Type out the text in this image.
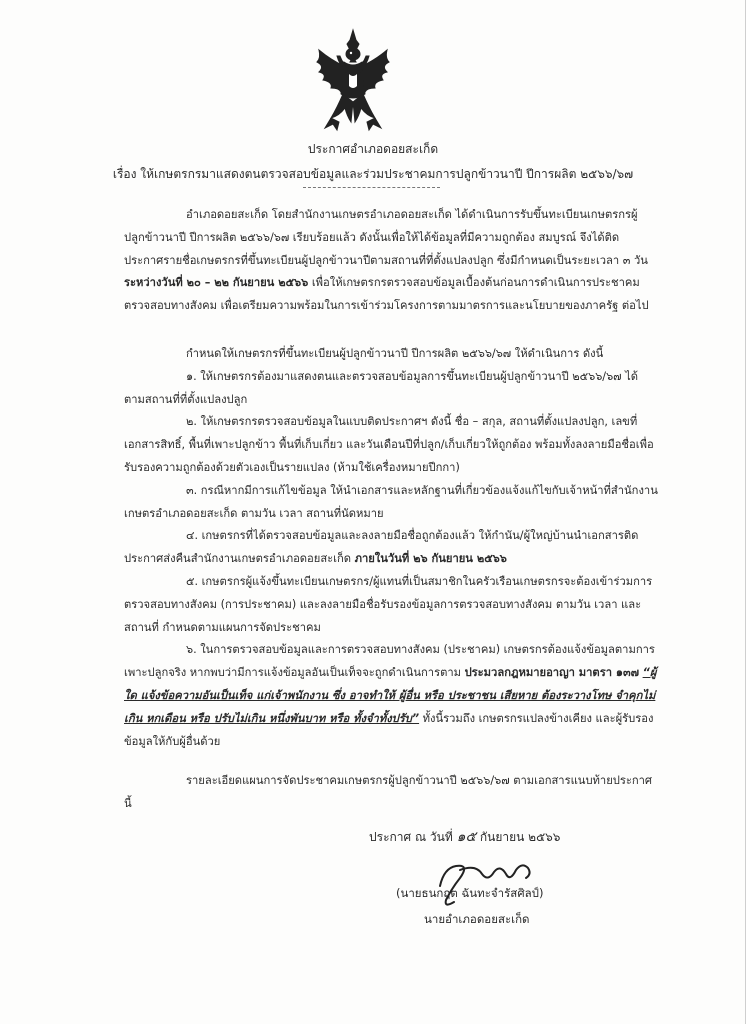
ประกาศอำเภอดอยสะเก็ด
เรื่อง ให้เกษตรกรมาแสดงตนตรวจสอบข้อมูลและร่วมประชาคมการปลูกข้าวนาปี ปีการผลิต ๒๕๖๖/๖๗

อำเภอดอยสะเก็ด โดยสำนักงานเกษตรอำเภอดอยสะเก็ด ได้ดำเนินการรับขึ้นทะเบียนเกษตรกรผู้ปลูกข้าวนาปี ปีการผลิต ๒๕๖๖/๖๗ เรียบร้อยแล้ว ดังนั้นเพื่อให้ได้ข้อมูลที่มีความถูกต้อง สมบูรณ์ จึงได้ติดประกาศรายชื่อเกษตรกรที่ขึ้นทะเบียนผู้ปลูกข้าวนาปีตามสถานที่ที่ตั้งแปลงปลูก ซึ่งมีกำหนดเป็นระยะเวลา ๓ วัน ระหว่างวันที่ ๒๐ – ๒๒ กันยายน ๒๕๖๖ เพื่อให้เกษตรกรตรวจสอบข้อมูลเบื้องต้นก่อนการดำเนินการประชาคมตรวจสอบทางสังคม เพื่อเตรียมความพร้อมในการเข้าร่วมโครงการตามมาตรการและนโยบายของภาครัฐ ต่อไป

กำหนดให้เกษตรกรที่ขึ้นทะเบียนผู้ปลูกข้าวนาปี ปีการผลิต ๒๕๖๖/๖๗ ให้ดำเนินการ ดังนี้

๑. ให้เกษตรกรต้องมาแสดงตนและตรวจสอบข้อมูลการขึ้นทะเบียนผู้ปลูกข้าวนาปี ๒๕๖๖/๖๗ ได้ตามสถานที่ที่ตั้งแปลงปลูก

๒. ให้เกษตรกรตรวจสอบข้อมูลในแบบติดประกาศฯ ดังนี้ ชื่อ – สกุล, สถานที่ตั้งแปลงปลูก, เลขที่เอกสารสิทธิ์, พื้นที่เพาะปลูกข้าว พื้นที่เก็บเกี่ยว และวันเดือนปีที่ปลูก/เก็บเกี่ยวให้ถูกต้อง พร้อมทั้งลงลายมือชื่อเพื่อรับรองความถูกต้องด้วยตัวเองเป็นรายแปลง (ห้ามใช้เครื่องหมายปีกกา)

๓. กรณีหากมีการแก้ไขข้อมูล ให้นำเอกสารและหลักฐานที่เกี่ยวข้องแจ้งแก้ไขกับเจ้าหน้าที่สำนักงานเกษตรอำเภอดอยสะเก็ด ตามวัน เวลา สถานที่นัดหมาย

๔. เกษตรกรที่ได้ตรวจสอบข้อมูลและลงลายมือชื่อถูกต้องแล้ว ให้กำนัน/ผู้ใหญ่บ้านนำเอกสารติดประกาศส่งคืนสำนักงานเกษตรอำเภอดอยสะเก็ด ภายในวันที่ ๒๖ กันยายน ๒๕๖๖

๕. เกษตรกรผู้แจ้งขึ้นทะเบียนเกษตรกร/ผู้แทนที่เป็นสมาชิกในครัวเรือนเกษตรกรจะต้องเข้าร่วมการตรวจสอบทางสังคม (การประชาคม) และลงลายมือชื่อรับรองข้อมูลการตรวจสอบทางสังคม ตามวัน เวลา และสถานที่ กำหนดตามแผนการจัดประชาคม

๖. ในการตรวจสอบข้อมูลและการตรวจสอบทางสังคม (ประชาคม) เกษตรกรต้องแจ้งข้อมูลตามการเพาะปลูกจริง หากพบว่ามีการแจ้งข้อมูลอันเป็นเท็จจะถูกดำเนินการตาม ประมวลกฎหมายอาญา มาตรา ๑๓๗ “ผู้ใด แจ้งข้อความอันเป็นเท็จ แก่เจ้าพนักงาน ซึ่ง อาจทำให้ ผู้อื่น หรือ ประชาชน เสียหาย ต้องระวางโทษ จำคุกไม่เกิน หกเดือน หรือ ปรับไม่เกิน หนึ่งพันบาท หรือ ทั้งจำทั้งปรับ” ทั้งนี้รวมถึง เกษตรกรแปลงข้างเคียง และผู้รับรองข้อมูลให้กับผู้อื่นด้วย

รายละเอียดแผนการจัดประชาคมเกษตรกรผู้ปลูกข้าวนาปี ๒๕๖๖/๖๗ ตามเอกสารแนบท้ายประกาศนี้

ประกาศ ณ วันที่ ๑๕ กันยายน ๒๕๖๖
(นายธนกฤต ฉันทะจำรัสศิลป์)
นายอำเภอดอยสะเก็ด
